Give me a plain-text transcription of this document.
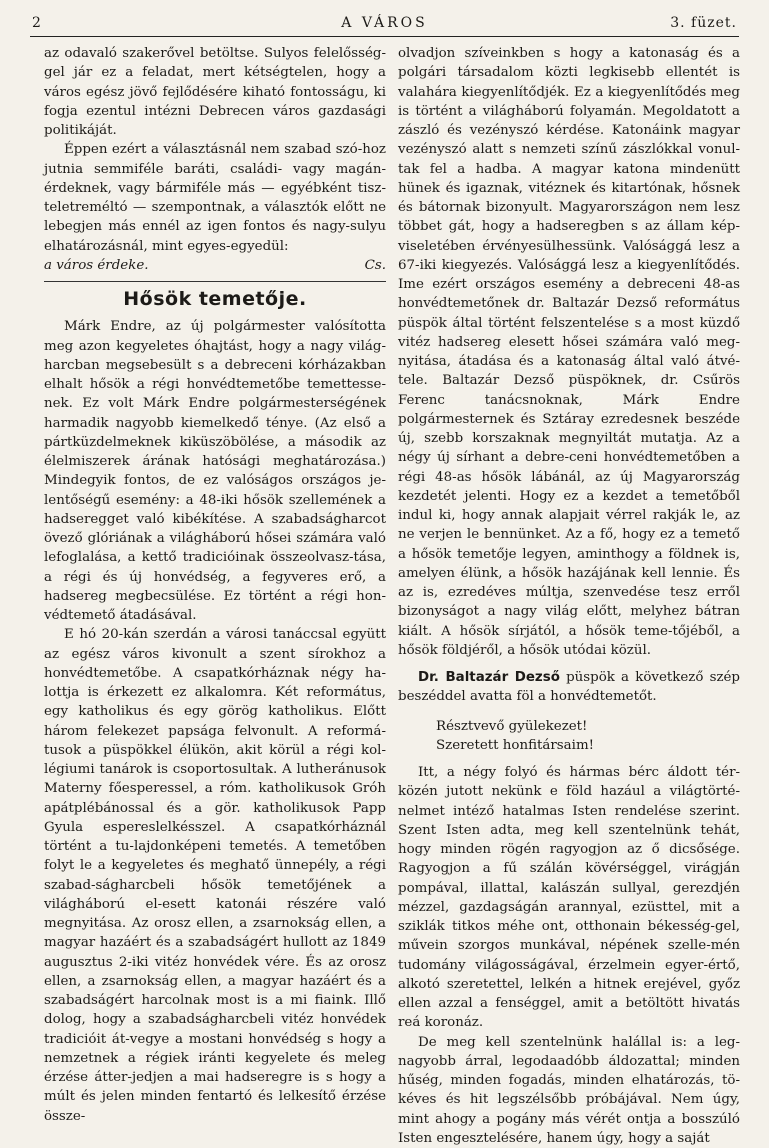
2	A VÁROS	3. füzet.

az odavaló szakerővel betöltse. Sulyos felelősség-gel jár ez a feladat, mert kétségtelen, hogy a város egész jövő fejlődésére kiható fontosságu, ki fogja ezentul intézni Debrecen város gazdasági politikáját.

Éppen ezért a választásnál nem szabad szó-hoz jutnia semmiféle baráti, családi- vagy magán-érdeknek, vagy bármiféle más — egyébként tisz-teletreméltó — szempontnak, a választók előtt ne lebegjen más ennél az igen fontos és nagy-sulyu elhatározásnál, mint egyes-egyedül:

a város érdeke.	Cs.
Hősök temetője.

Márk Endre, az új polgármester valósította meg azon kegyeletes óhajtást, hogy a nagy világ-harcban megsebesült s a debreceni kórházakban elhalt hősök a régi honvédtemetőbe temettesse-nek. Ez volt Márk Endre polgármesterségének harmadik nagyobb kiemelkedő ténye. (Az első a pártküzdelmeknek kiküszöbölése, a második az élelmiszerek árának hatósági meghatározása.) Mindegyik fontos, de ez valóságos országos je-lentőségű esemény: a 48-iki hősök szellemének a hadseregget való kibékítése. A szabadságharcot övező glóriának a világháború hősei számára való lefoglalása, a kettő tradicióinak összeolvasz-tása, a régi és új honvédség, a fegyveres erő, a hadsereg megbecsülése. Ez történt a régi hon-védtemető átadásával.

E hó 20-kán szerdán a városi tanáccsal együtt az egész város kivonult a szent sírokhoz a honvédtemetőbe. A csapatkórháznak négy ha-lottja is érkezett ez alkalomra. Két református, egy katholikus és egy görög katholikus. Előtt három felekezet papsága felvonult. A reformá-tusok a püspökkel élükön, akit körül a régi kol-légiumi tanárok is csoportosultak. A lutheránusok Materny főesperessel, a róm. katholikusok Gróh apátplébánossal és a gör. katholikusok Papp Gyula espereslelkésszel. A csapatkórháznál történt a tu-lajdonképeni temetés. A temetőben folyt le a kegyeletes és meghatő ünnepély, a régi szabad-ságharcbeli hősök temetőjének a világháború el-esett katonái részére való megnyitása. Az orosz ellen, a zsarnokság ellen, a magyar hazáért és a szabadságért hullott az 1849 augusztus 2-iki vitéz honvédek vére. És az orosz ellen, a zsarnokság ellen, a magyar hazáért és a szabadságért harcolnak most is a mi fiaink. Illő dolog, hogy a szabadságharcbeli vitéz honvédek tradicióit át-vegye a mostani honvédség s hogy a nemzetnek a régiek iránti kegyelete és meleg érzése átter-jedjen a mai hadseregre is s hogy a múlt és jelen minden fentartó és lelkesítő érzése össze-

olvadjon szíveinkben s hogy a katonaság és a polgári társadalom közti legkisebb ellentét is valahára kiegyenlítődjék. Ez a kiegyenlítődés meg is történt a világháború folyamán. Megoldatott a zászló és vezényszó kérdése. Katonáink magyar vezényszó alatt s nemzeti színű zászlókkal vonul-tak fel a hadba. A magyar katona mindenütt hünek és igaznak, vitéznek és kitartónak, hősnek és bátornak bizonyult. Magyarországon nem lesz többet gát, hogy a hadseregben s az állam kép-viseletében érvényesülhessünk. Valósággá lesz a 67-iki kiegyezés. Valósággá lesz a kiegyenlítődés. Ime ezért országos esemény a debreceni 48-as honvédtemetőnek dr. Baltazár Dezső református püspök által történt felszentelése s a most küzdő vitéz hadsereg elesett hősei számára való meg-nyitása, átadása és a katonaság által való átvé-tele. Baltazár Dezső püspöknek, dr. Csűrös Ferenc tanácsnoknak, Márk Endre polgármesternek és Sztáray ezredesnek beszéde új, szebb korszaknak megnyiltát mutatja. Az a négy új sírhant a debre-ceni honvédtemetőben a régi 48-as hősök lábánál, az új Magyarország kezdetét jelenti. Hogy ez a kezdet a temetőből indul ki, hogy annak alapjait vérrel rakják le, az ne verjen le bennünket. Az a fő, hogy ez a temető a hősök temetője legyen, aminthogy a földnek is, amelyen élünk, a hősök hazájának kell lennie. És az is, ezredéves múltja, szenvedése tesz erről bizonyságot a nagy világ előtt, melyhez bátran kiált. A hősök sírjától, a hősök teme-tőjéből, a hősök földjéről, a hősök utódai közül.

Dr. Baltazár Dezső püspök a következő szép beszéddel avatta föl a honvédtemetőt.

Résztvevő gyülekezet!

Szeretett honfitársaim!

Itt, a négy folyó és hármas bérc áldott tér-közén jutott nekünk e föld hazául a világtörté-nelmet intéző hatalmas Isten rendelése szerint. Szent Isten adta, meg kell szentelnünk tehát, hogy minden rögén ragyogjon az ő dicsősége. Ragyogjon a fű szálán kövérséggel, virágján pompával, illattal, kalászán sullyal, gerezdjén mézzel, gazdagságán arannyal, ezüsttel, mit a sziklák titkos méhe ont, otthonain békesség-gel, művein szorgos munkával, népének szelle-mén tudomány világosságával, érzelmein egyer-értő, alkotó szeretettel, lelkén a hitnek erejével, győz ellen azzal a fenséggel, amit a betöltött hivatás reá koronáz.

De meg kell szentelnünk halállal is: a leg-nagyobb árral, legodaadóbb áldozattal; minden hűség, minden fogadás, minden elhatározás, tö-kéves és hit legszélsőbb próbájával. Nem úgy, mint ahogy a pogány más vérét ontja a bosszúló Isten engesztelésére, hanem úgy, hogy a saját
